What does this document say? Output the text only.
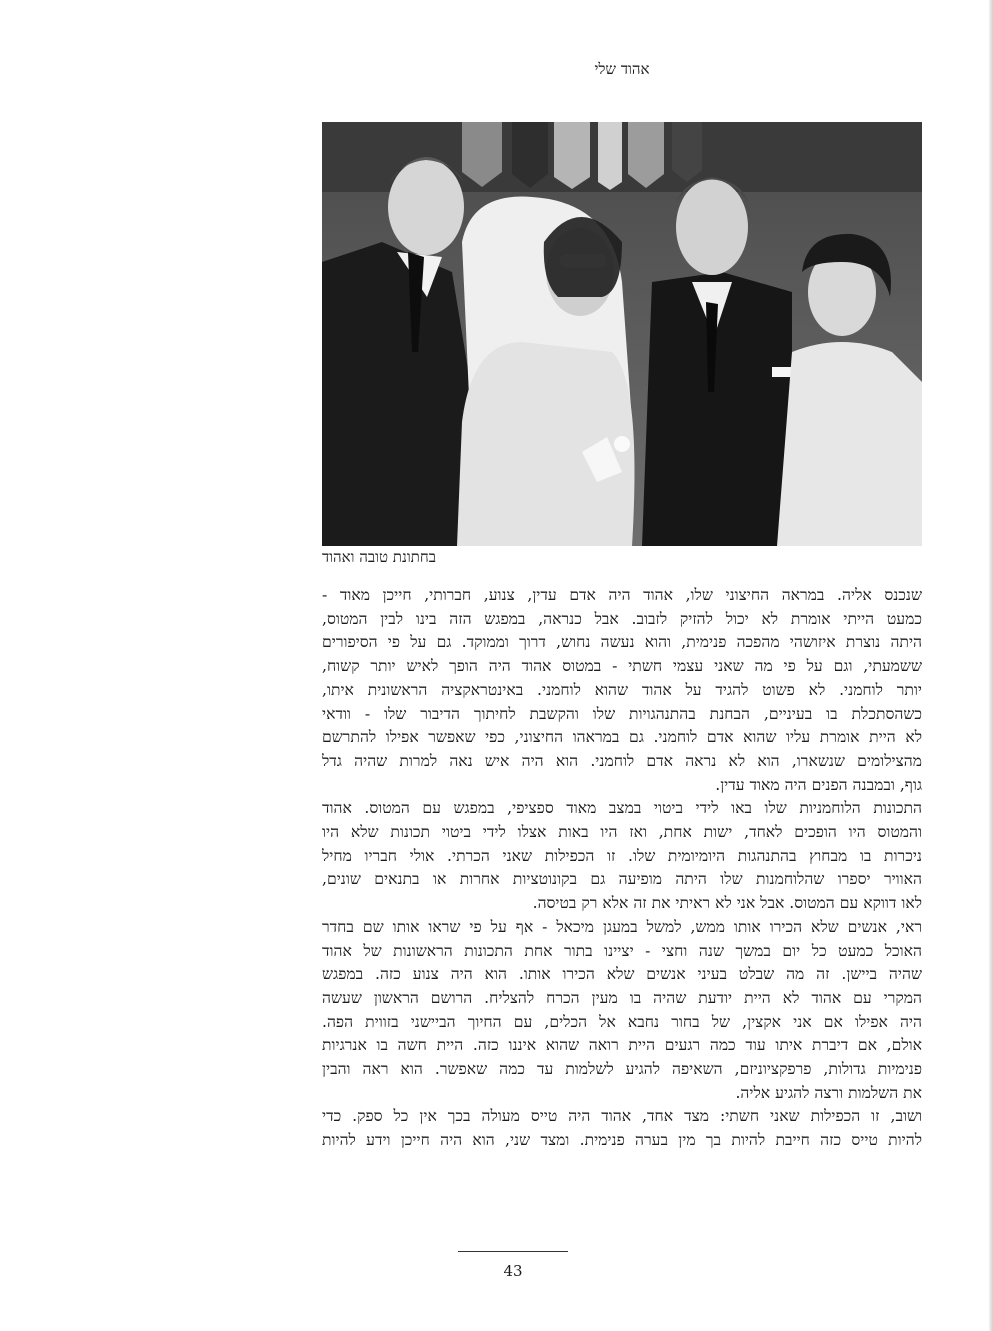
אהוד שלי
בחתונת טובה ואהוד
שנכנס אליה. במראה החיצוני שלו, אהוד היה אדם עדין, צנוע, חברותי, חייכן מאוד -
כמעט הייתי אומרת לא יכול להזיק לזבוב. אבל כנראה, במפגש הזה בינו לבין המטוס,
היתה נוצרת איזושהי מהפכה פנימית, והוא נעשה נחוש, דרוך וממוקד. גם על פי הסיפורים
ששמעתי, וגם על פי מה שאני עצמי חשתי - במטוס אהוד היה הופך לאיש יותר קשוח,
יותר לוחמני. לא פשוט להגיד על אהוד שהוא לוחמני. באינטראקציה הראשונית איתו,
כשהסתכלת בו בעיניים, הבחנת בהתנהגויות שלו והקשבת לחיתוך הדיבור שלו - וודאי
לא היית אומרת עליו שהוא אדם לוחמני. גם במראהו החיצוני, כפי שאפשר אפילו להתרשם
מהצילומים שנשארו, הוא לא נראה אדם לוחמני. הוא היה איש נאה למרות שהיה גדל
גוף, ובמבנה הפנים היה מאוד עדין.
התכונות הלוחמניות שלו באו לידי ביטוי במצב מאוד ספציפי, במפגש עם המטוס. אהוד
והמטוס היו הופכים לאחד, ישות אחת, ואז היו באות אצלו לידי ביטוי תכונות שלא היו
ניכרות בו מבחוץ בהתנהגות היומיומית שלו. זו הכפילות שאני הכרתי. אולי חבריו מחיל
האוויר יספרו שהלוחמנות שלו היתה מופיעה גם בקונוטציות אחרות או בתנאים שונים,
לאו דווקא עם המטוס. אבל אני לא ראיתי את זה אלא רק בטיסה.
ראי, אנשים שלא הכירו אותו ממש, למשל במעגן מיכאל - אף על פי שראו אותו שם בחדר
האוכל כמעט כל יום במשך שנה וחצי - יציינו בתור אחת התכונות הראשונות של אהוד
שהיה ביישן. זה מה שבלט בעיני אנשים שלא הכירו אותו. הוא היה צנוע כזה. במפגש
המקרי עם אהוד לא היית יודעת שהיה בו מעין הכרח להצליח. הרושם הראשון שעשה
היה אפילו אם אני אקצין, של בחור נחבא אל הכלים, עם החיוך הביישני בזווית הפה.
אולם, אם דיברת איתו עוד כמה רגעים היית רואה שהוא איננו כזה. היית חשה בו אנרגיות
פנימיות גדולות, פרפקציוניזם, השאיפה להגיע לשלמות עד כמה שאפשר. הוא ראה והבין
את השלמות ורצה להגיע אליה.
ושוב, זו הכפילות שאני חשתי: מצד אחד, אהוד היה טייס מעולה בכך אין כל ספק. כדי
להיות טייס כזה חייבת להיות בך מין בערה פנימית. ומצד שני, הוא היה חייכן וידע להיות
43
